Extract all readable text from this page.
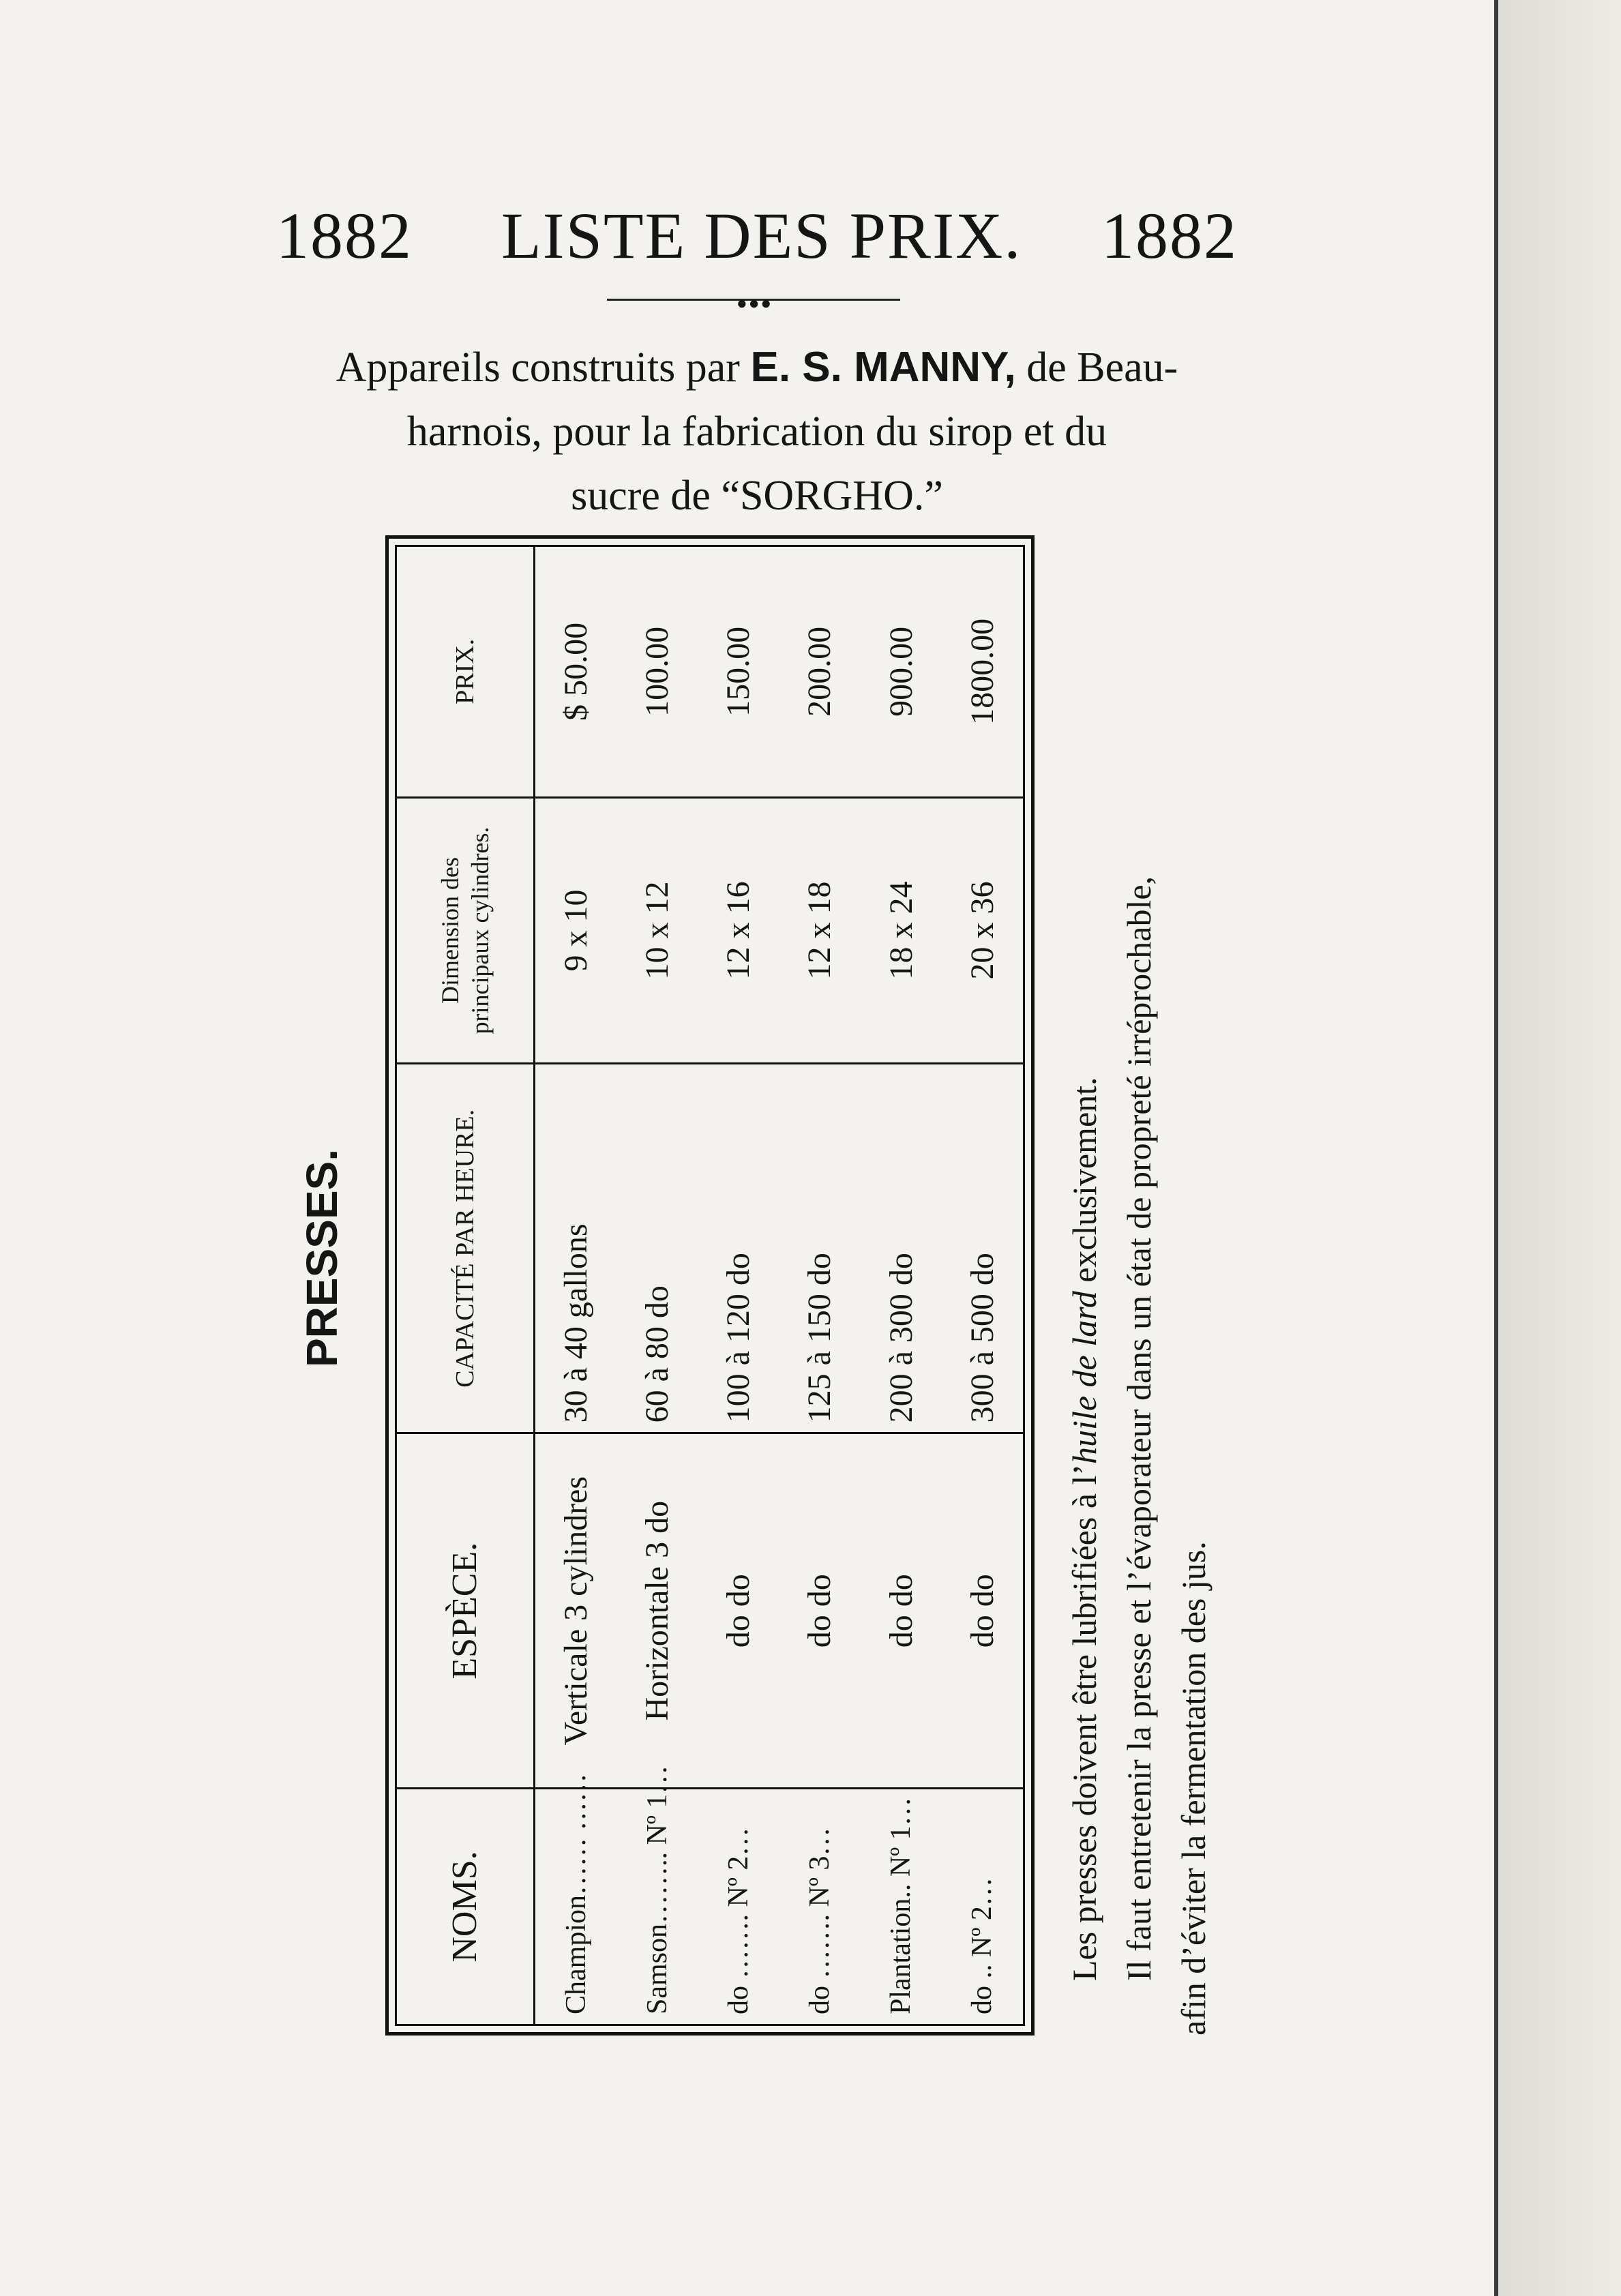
1882 LISTE DES PRIX. 1882
●●●
Appareils construits par E. S. MANNY, de Beau-
harnois, pour la fabrication du sirop et du
sucre de “SORGHO.”
PRESSES.
NOMS.	ESPÈCE.	CAPACITÉ PAR HEURE.	Dimension des principaux cylindres.	PRIX.
Champion…… ……	Verticale 3 cylindres	30 à 40 gallons	9 x 10	$ 50.00
Samson…….. Nº 1…	Horizontale 3 do	60 à 80 do	10 x 12	100.00
do ……. Nº 2…	do do	100 à 120 do	12 x 16	150.00
do ……. Nº 3…	do do	125 à 150 do	12 x 18	200.00
Plantation.. Nº 1…	do do	200 à 300 do	18 x 24	900.00
do .. Nº 2…	do do	300 à 500 do	20 x 36	1800.00
Les presses doivent être lubrifiées à l’huile de lard exclusivement. Il faut entretenir la presse et l’évaporateur dans un état de propreté irréprochable, afin d’éviter la fermentation des jus.
